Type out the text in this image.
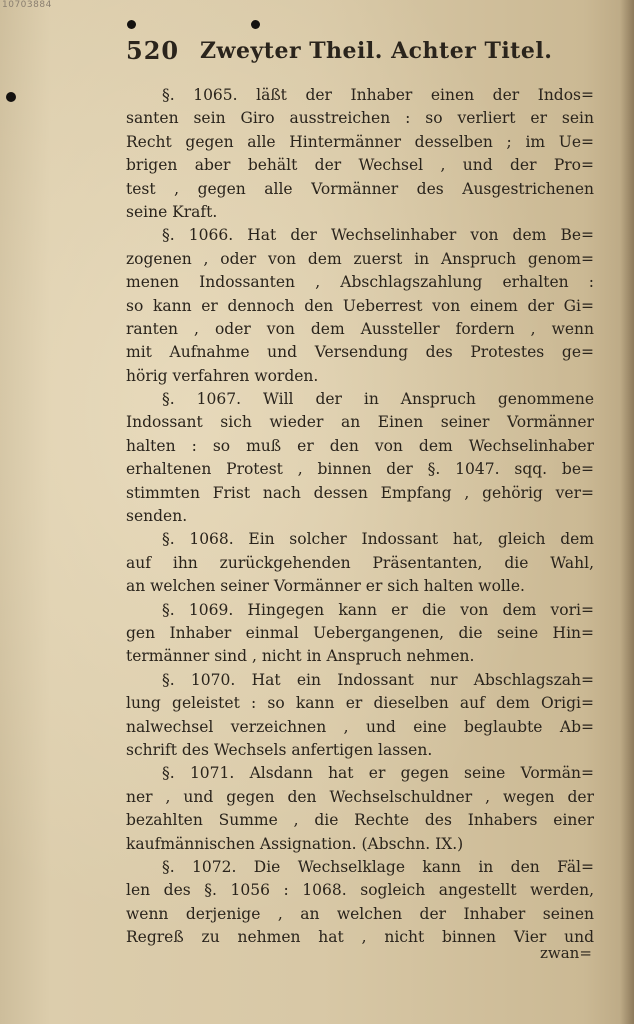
10703884
520 Zweyter Theil. Achter Titel.
§. 1065. läßt der Inhaber einen der Indos=
santen sein Giro ausstreichen : so verliert er sein
Recht gegen alle Hintermänner desselben ; im Ue=
brigen aber behält der Wechsel , und der Pro=
test , gegen alle Vormänner des Ausgestrichenen
seine Kraft.
§. 1066. Hat der Wechselinhaber von dem Be=
zogenen , oder von dem zuerst in Anspruch genom=
menen Indossanten , Abschlagszahlung erhalten :
so kann er dennoch den Ueberrest von einem der Gi=
ranten , oder von dem Aussteller fordern , wenn
mit Aufnahme und Versendung des Protestes ge=
hörig verfahren worden.
§. 1067. Will der in Anspruch genommene
Indossant sich wieder an Einen seiner Vormänner
halten : so muß er den von dem Wechselinhaber
erhaltenen Protest , binnen der §. 1047. sqq. be=
stimmten Frist nach dessen Empfang , gehörig ver=
senden.
§. 1068. Ein solcher Indossant hat, gleich dem
auf ihn zurückgehenden Präsentanten, die Wahl,
an welchen seiner Vormänner er sich halten wolle.
§. 1069. Hingegen kann er die von dem vori=
gen Inhaber einmal Uebergangenen, die seine Hin=
termänner sind , nicht in Anspruch nehmen.
§. 1070. Hat ein Indossant nur Abschlagszah=
lung geleistet : so kann er dieselben auf dem Origi=
nalwechsel verzeichnen , und eine beglaubte Ab=
schrift des Wechsels anfertigen lassen.
§. 1071. Alsdann hat er gegen seine Vormän=
ner , und gegen den Wechselschuldner , wegen der
bezahlten Summe , die Rechte des Inhabers einer
kaufmännischen Assignation. (Abschn. IX.)
§. 1072. Die Wechselklage kann in den Fäl=
len des §. 1056 : 1068. sogleich angestellt werden,
wenn derjenige , an welchen der Inhaber seinen
Regreß zu nehmen hat , nicht binnen Vier und
zwan=
